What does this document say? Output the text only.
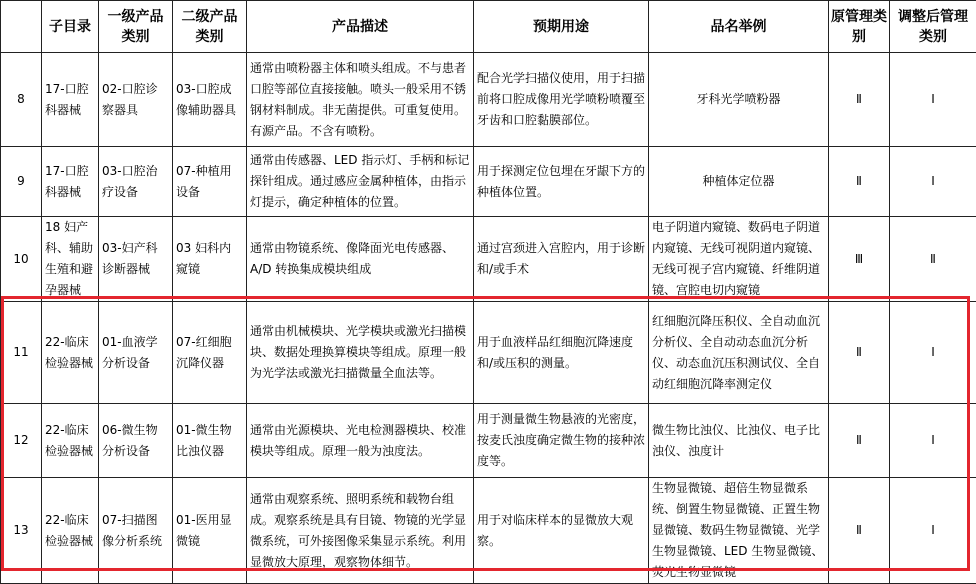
	子目录	一级产品类别	二级产品类别	产品描述	预期用途	品名举例	原管理类别	调整后管理类别
8	17-口腔科器械	02-口腔诊察器具	03-口腔成像辅助器具	通常由喷粉器主体和喷头组成。不与患者口腔等部位直接接触。喷头一般采用不锈钢材料制成。非无菌提供。可重复使用。有源产品。不含有喷粉。	配合光学扫描仪使用，用于扫描前将口腔成像用光学喷粉喷覆至牙齿和口腔黏膜部位。	牙科光学喷粉器	Ⅱ	Ⅰ
9	17-口腔科器械	03-口腔治疗设备	07-种植用设备	通常由传感器、LED 指示灯、手柄和标记探针组成。通过感应金属种植体，由指示灯提示，确定种植体的位置。	用于探测定位包埋在牙龈下方的种植体位置。	种植体定位器	Ⅱ	Ⅰ
10	18 妇产科、辅助生殖和避孕器械	03-妇产科诊断器械	03 妇科内窥镜	通常由物镜系统、像降面光电传感器、A/D 转换集成模块组成	通过宫颈进入宫腔内，用于诊断和/或手术	电子阴道内窥镜、数码电子阴道内窥镜、无线可视阴道内窥镜、无线可视子宫内窥镜、纤维阴道镜、宫腔电切内窥镜	Ⅲ	Ⅱ
11	22-临床检验器械	01-血液学分析设备	07-红细胞沉降仪器	通常由机械模块、光学模块或激光扫描模块、数据处理换算模块等组成。原理一般为光学法或激光扫描微量全血法等。	用于血液样品红细胞沉降速度和/或压积的测量。	红细胞沉降压积仪、全自动血沉分析仪、全自动动态血沉分析仪、动态血沉压积测试仪、全自动红细胞沉降率测定仪	Ⅱ	Ⅰ
12	22-临床检验器械	06-微生物分析设备	01-微生物比浊仪器	通常由光源模块、光电检测器模块、校准模块等组成。原理一般为浊度法。	用于测量微生物悬液的光密度，按麦氏浊度确定微生物的接种浓度等。	微生物比浊仪、比浊仪、电子比浊仪、浊度计	Ⅱ	Ⅰ
13	22-临床检验器械	07-扫描图像分析系统	01-医用显微镜	通常由观察系统、照明系统和载物台组成。观察系统是具有目镜、物镜的光学显微系统，可外接图像采集显示系统。利用显微放大原理，观察物体细节。	用于对临床样本的显微放大观察。	生物显微镜、超倍生物显微系统、倒置生物显微镜、正置生物显微镜、数码生物显微镜、光学生物显微镜、LED 生物显微镜、荧光生物显微镜	Ⅱ	Ⅰ
